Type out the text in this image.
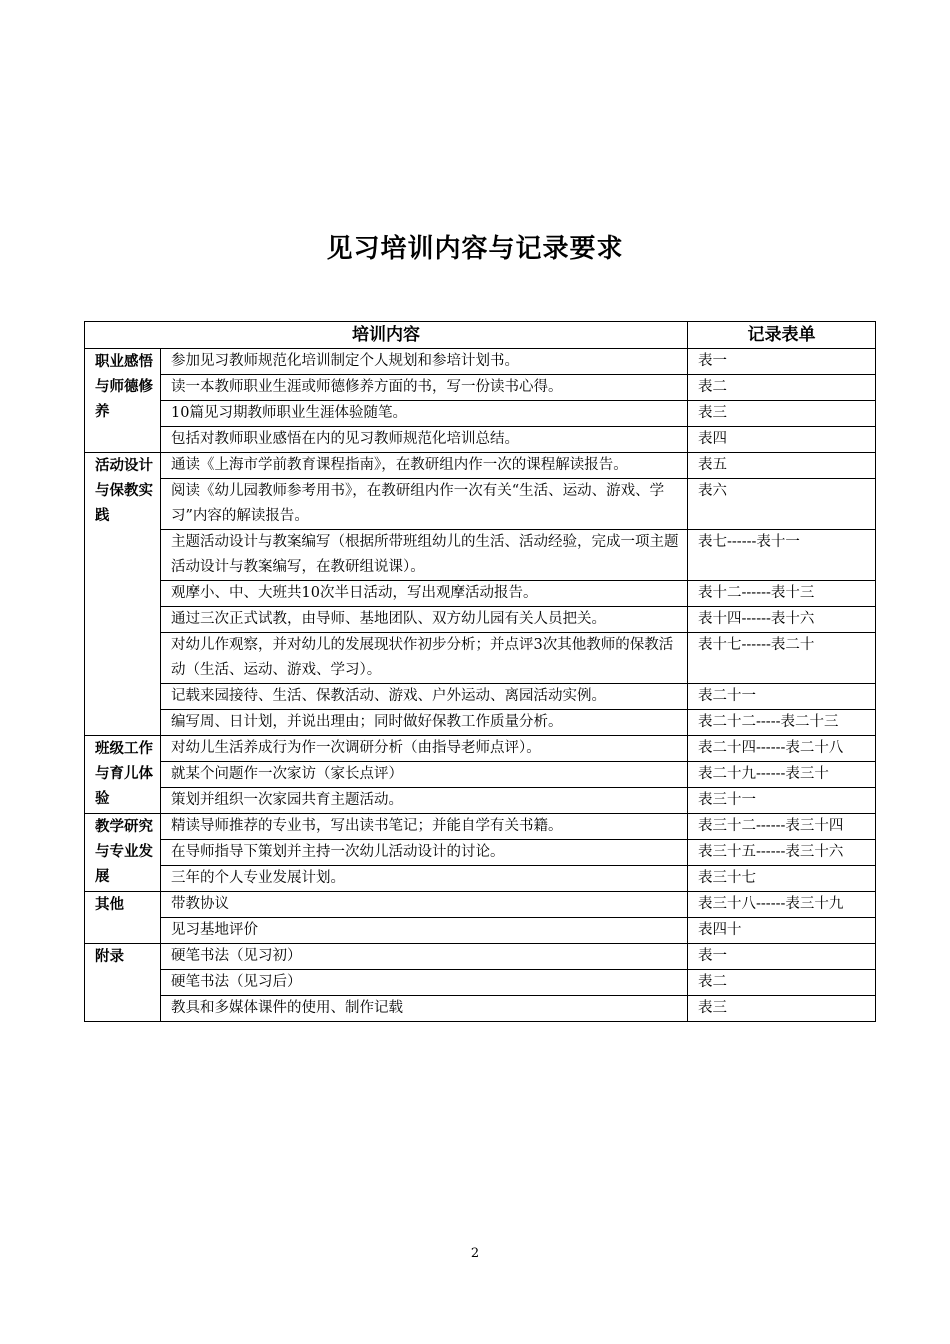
见习培训内容与记录要求
培训内容		记录表单
职业感悟与师德修养	参加见习教师规范化培训制定个人规划和参培计划书。	表一
	读一本教师职业生涯或师德修养方面的书，写一份读书心得。	表二
	10篇见习期教师职业生涯体验随笔。	表三
	包括对教师职业感悟在内的见习教师规范化培训总结。	表四
活动设计与保教实践	通读《上海市学前教育课程指南》，在教研组内作一次的课程解读报告。	表五
	阅读《幼儿园教师参考用书》，在教研组内作一次有关“生活、运动、游戏、学习”内容的解读报告。	表六
	主题活动设计与教案编写（根据所带班组幼儿的生活、活动经验，完成一项主题活动设计与教案编写，在教研组说课）。	表七------表十一
	观摩小、中、大班共10次半日活动，写出观摩活动报告。	表十二------表十三
	通过三次正式试教，由导师、基地团队、双方幼儿园有关人员把关。	表十四------表十六
	对幼儿作观察，并对幼儿的发展现状作初步分析；并点评3次其他教师的保教活动（生活、运动、游戏、学习）。	表十七------表二十
	记载来园接待、生活、保教活动、游戏、户外运动、离园活动实例。	表二十一
	编写周、日计划，并说出理由；同时做好保教工作质量分析。	表二十二-----表二十三
班级工作与育儿体验	对幼儿生活养成行为作一次调研分析（由指导老师点评）。	表二十四------表二十八
	就某个问题作一次家访（家长点评）	表二十九------表三十
	策划并组织一次家园共育主题活动。	表三十一
教学研究与专业发展	精读导师推荐的专业书，写出读书笔记；并能自学有关书籍。	表三十二------表三十四
	在导师指导下策划并主持一次幼儿活动设计的讨论。	表三十五------表三十六
	三年的个人专业发展计划。	表三十七
其他	带教协议	表三十八------表三十九
	见习基地评价	表四十
附录	硬笔书法（见习初）	表一
	硬笔书法（见习后）	表二
	教具和多媒体课件的使用、制作记载	表三
2
